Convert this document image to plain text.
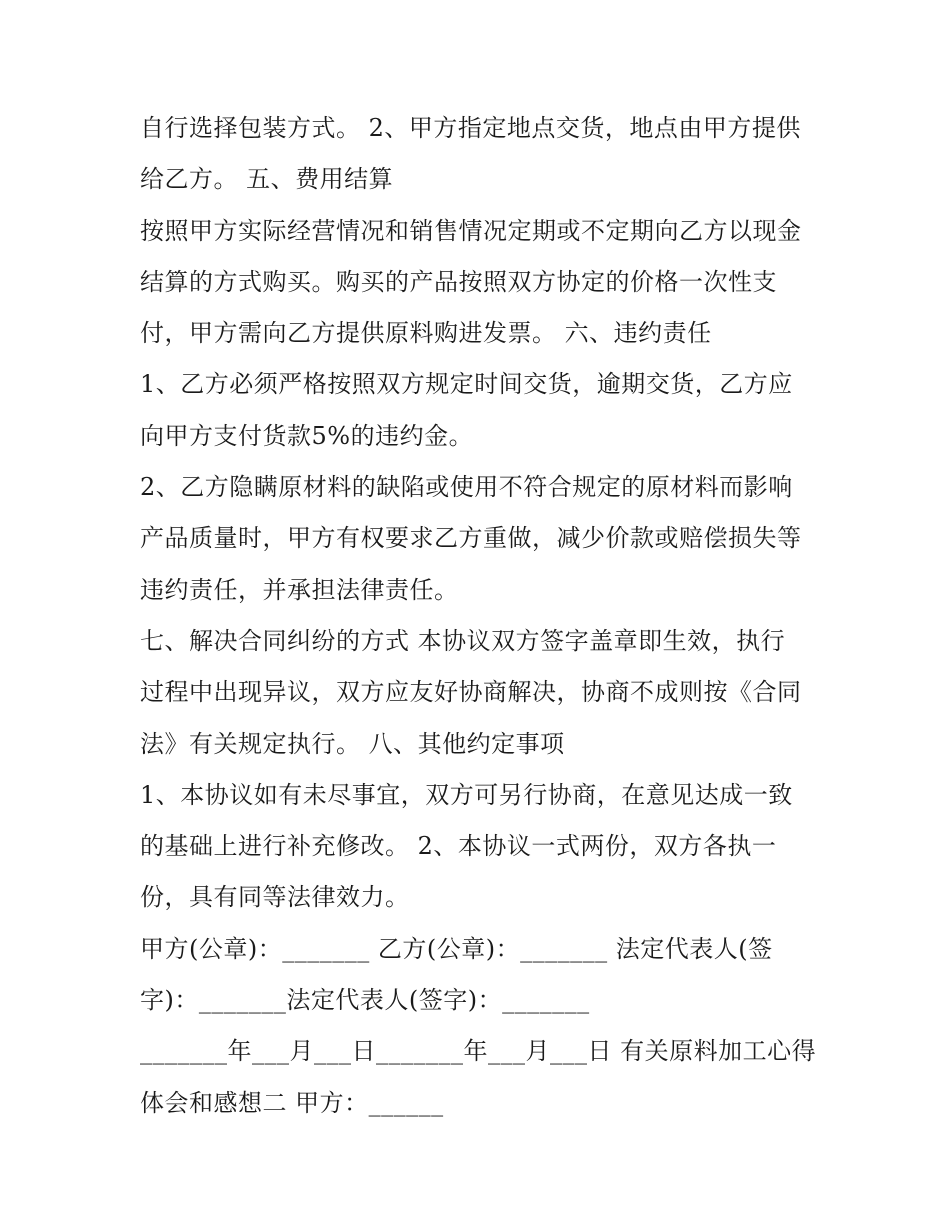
自行选择包装方式。 2、甲方指定地点交货，地点由甲方提供
给乙方。 五、费用结算
按照甲方实际经营情况和销售情况定期或不定期向乙方以现金
结算的方式购买。购买的产品按照双方协定的价格一次性支
付，甲方需向乙方提供原料购进发票。 六、违约责任
1、乙方必须严格按照双方规定时间交货，逾期交货，乙方应
向甲方支付货款5%的违约金。
2、乙方隐瞒原材料的缺陷或使用不符合规定的原材料而影响
产品质量时，甲方有权要求乙方重做，减少价款或赔偿损失等
违约责任，并承担法律责任。
七、解决合同纠纷的方式 本协议双方签字盖章即生效，执行
过程中出现异议，双方应友好协商解决，协商不成则按《合同
法》有关规定执行。 八、其他约定事项
1、本协议如有未尽事宜，双方可另行协商，在意见达成一致
的基础上进行补充修改。 2、本协议一式两份，双方各执一
份，具有同等法律效力。
甲方(公章)：_______ 乙方(公章)：_______ 法定代表人(签
字)：_______法定代表人(签字)：_______
_______年___月___日_______年___月___日 有关原料加工心得
体会和感想二 甲方：______
